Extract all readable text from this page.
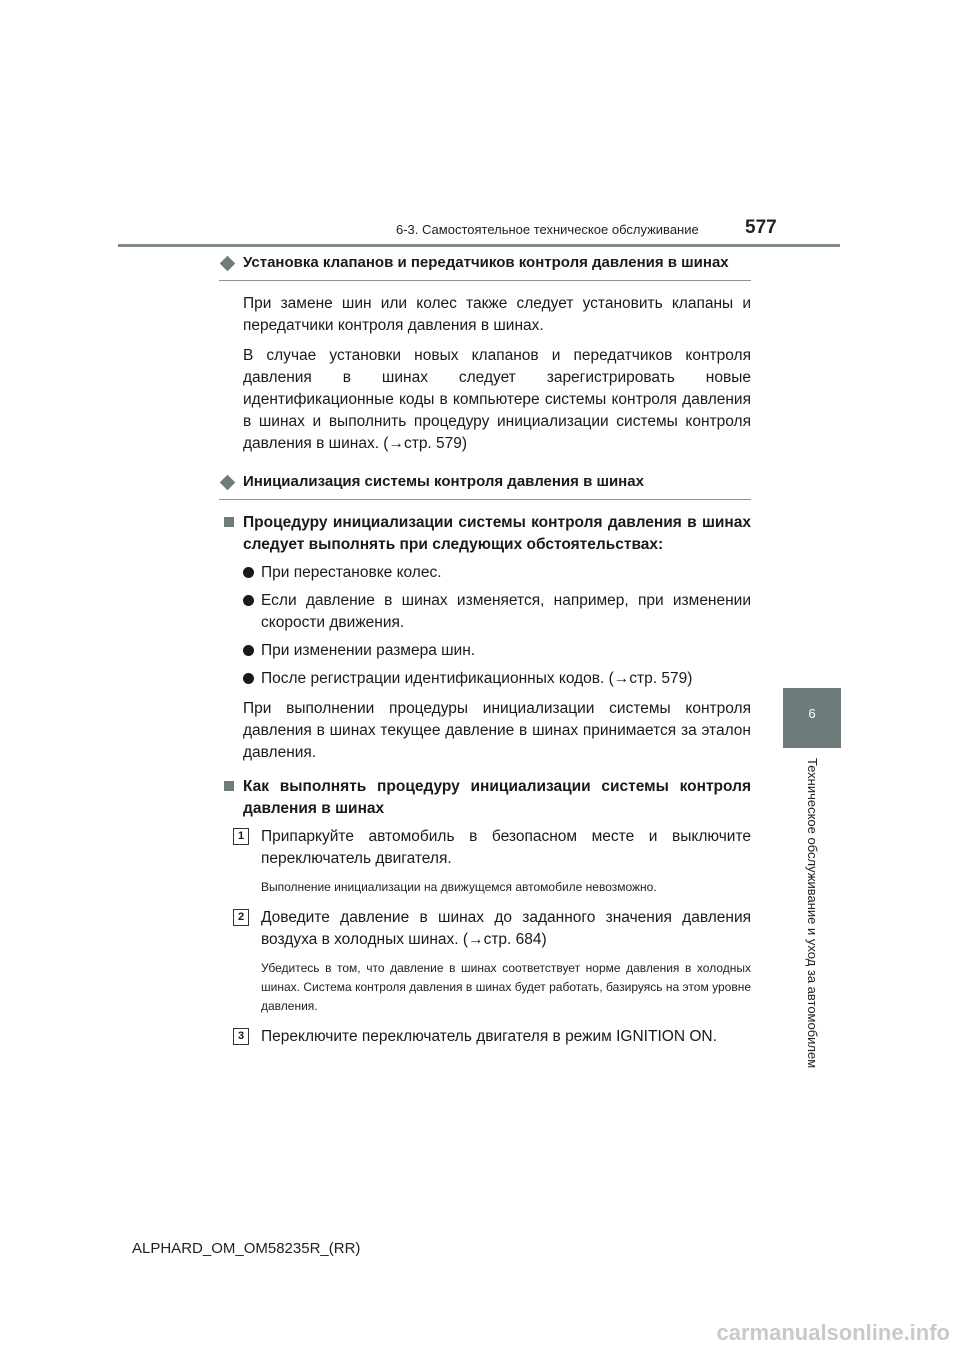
6-3. Самостоятельное техническое обслуживание 577
6
Техническое обслуживание и уход за автомобилем
Установка клапанов и передатчиков контроля давления в шинах

При замене шин или колес также следует установить клапаны и передатчики контроля давления в шинах.

В случае установки новых клапанов и передатчиков контроля давления в шинах следует зарегистрировать новые идентификационные коды в компьютере системы контроля давления в шинах и выполнить процедуру инициализации системы контроля давления в шинах. (→стр. 579)

Инициализация системы контроля давления в шинах
Процедуру инициализации системы контроля давления в шинах следует выполнять при следующих обстоятельствах:
При перестановке колес.
Если давление в шинах изменяется, например, при изменении скорости движения.
При изменении размера шин.
После регистрации идентификационных кодов. (→стр. 579)

При выполнении процедуры инициализации системы контроля давления в шинах текущее давление в шинах принимается за эталон давления.

Как выполнять процедуру инициализации системы контроля давления в шинах
1	Припаркуйте автомобиль в безопасном месте и выключите переключатель двигателя.

Выполнение инициализации на движущемся автомобиле невозможно.

2	Доведите давление в шинах до заданного значения давления воздуха в холодных шинах. (→стр. 684)

Убедитесь в том, что давление в шинах соответствует норме давления в холодных шинах. Система контроля давления в шинах будет работать, базируясь на этом уровне давления.

3	Переключите переключатель двигателя в режим IGNITION ON.
ALPHARD_OM_OM58235R_(RR)
carmanualsonline.info
